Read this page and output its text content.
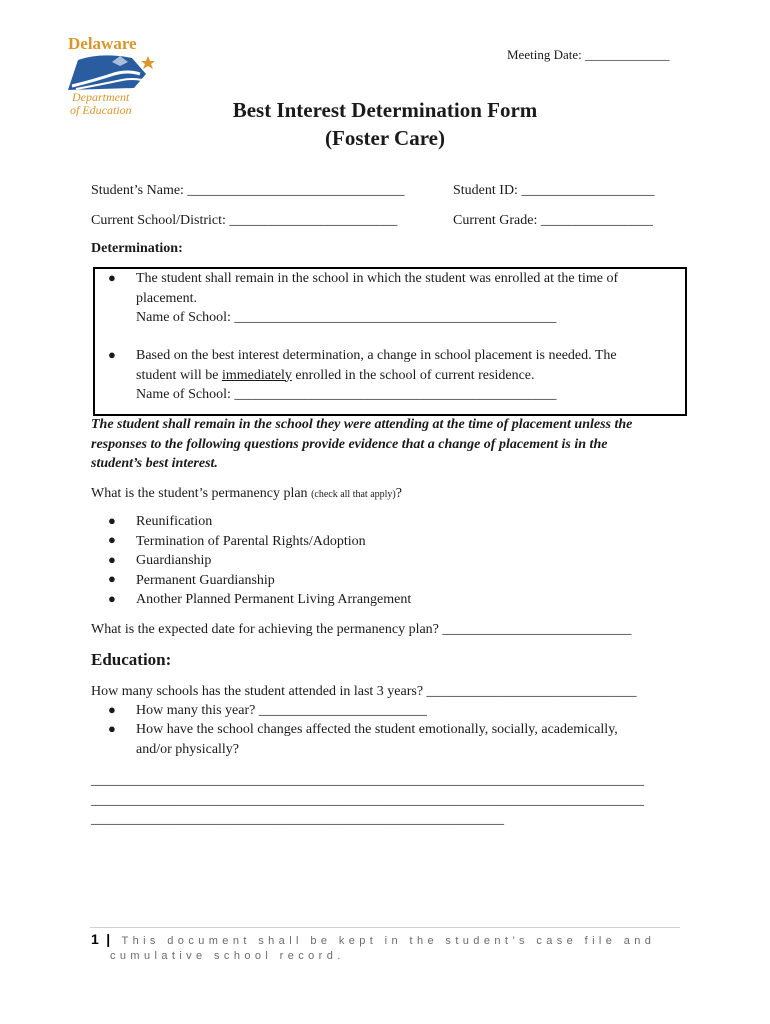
Delaware
Department
of Education
Meeting Date: _____________
Best Interest Determination Form
(Foster Care)
Student’s Name: _______________________________	Student ID: ___________________
Current School/District: ________________________	Current Grade: ________________
Determination:
● The student shall remain in the school in which the student was enrolled at the time of
placement.
Name of School: ______________________________________________
● Based on the best interest determination, a change in school placement is needed. The
student will be immediately enrolled in the school of current residence.
Name of School: ______________________________________________
The student shall remain in the school they were attending at the time of placement unless the
responses to the following questions provide evidence that a change of placement is in the
student’s best interest.
What is the student’s permanency plan (check all that apply)?
● Reunification
● Termination of Parental Rights/Adoption
● Guardianship
● Permanent Guardianship
● Another Planned Permanent Living Arrangement
What is the expected date for achieving the permanency plan? ___________________________
Education:
How many schools has the student attended in last 3 years? ______________________________
● How many this year? ________________________
● How have the school changes affected the student emotionally, socially, academically,
and/or physically?
_______________________________________________________________________________
_______________________________________________________________________________
___________________________________________________________
1 | This document shall be kept in the student’s case file and
cumulative school record.
